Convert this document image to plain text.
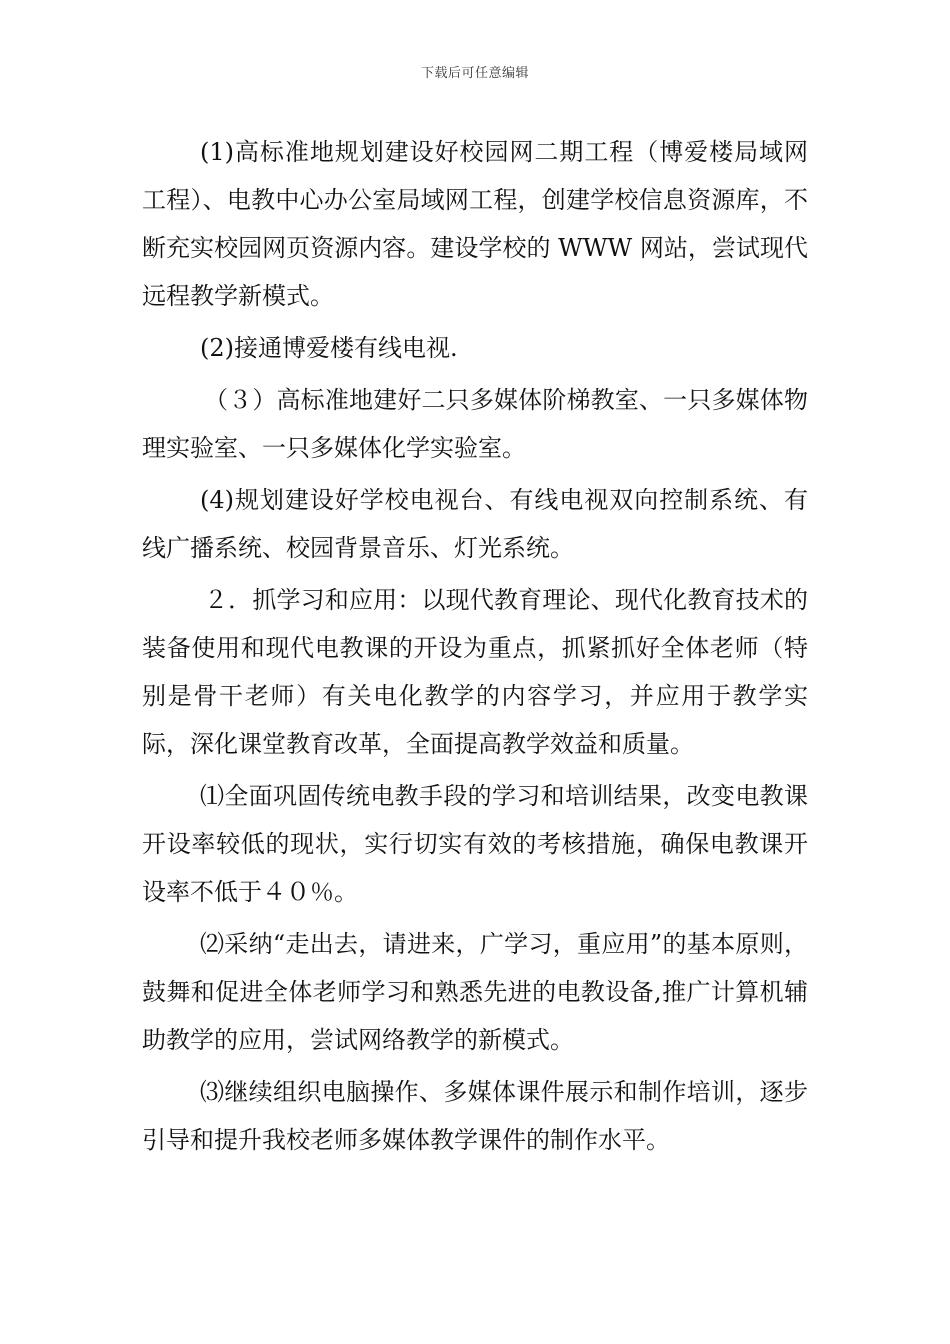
下载后可任意编辑

(1)高标准地规划建设好校园网二期工程（博爱楼局域网工程）、电教中心办公室局域网工程，创建学校信息资源库，不断充实校园网页资源内容。建设学校的 WWW 网站，尝试现代远程教学新模式。

(2)接通博爱楼有线电视.

（３）高标准地建好二只多媒体阶梯教室、一只多媒体物理实验室、一只多媒体化学实验室。

(4)规划建设好学校电视台、有线电视双向控制系统、有线广播系统、校园背景音乐、灯光系统。

２．抓学习和应用：以现代教育理论、现代化教育技术的装备使用和现代电教课的开设为重点，抓紧抓好全体老师（特别是骨干老师）有关电化教学的内容学习，并应用于教学实际，深化课堂教育改革，全面提高教学效益和质量。

⑴全面巩固传统电教手段的学习和培训结果，改变电教课开设率较低的现状，实行切实有效的考核措施，确保电教课开设率不低于４０％。

⑵采纳“走出去，请进来，广学习，重应用”的基本原则，鼓舞和促进全体老师学习和熟悉先进的电教设备,推广计算机辅助教学的应用，尝试网络教学的新模式。

⑶继续组织电脑操作、多媒体课件展示和制作培训，逐步引导和提升我校老师多媒体教学课件的制作水平。
